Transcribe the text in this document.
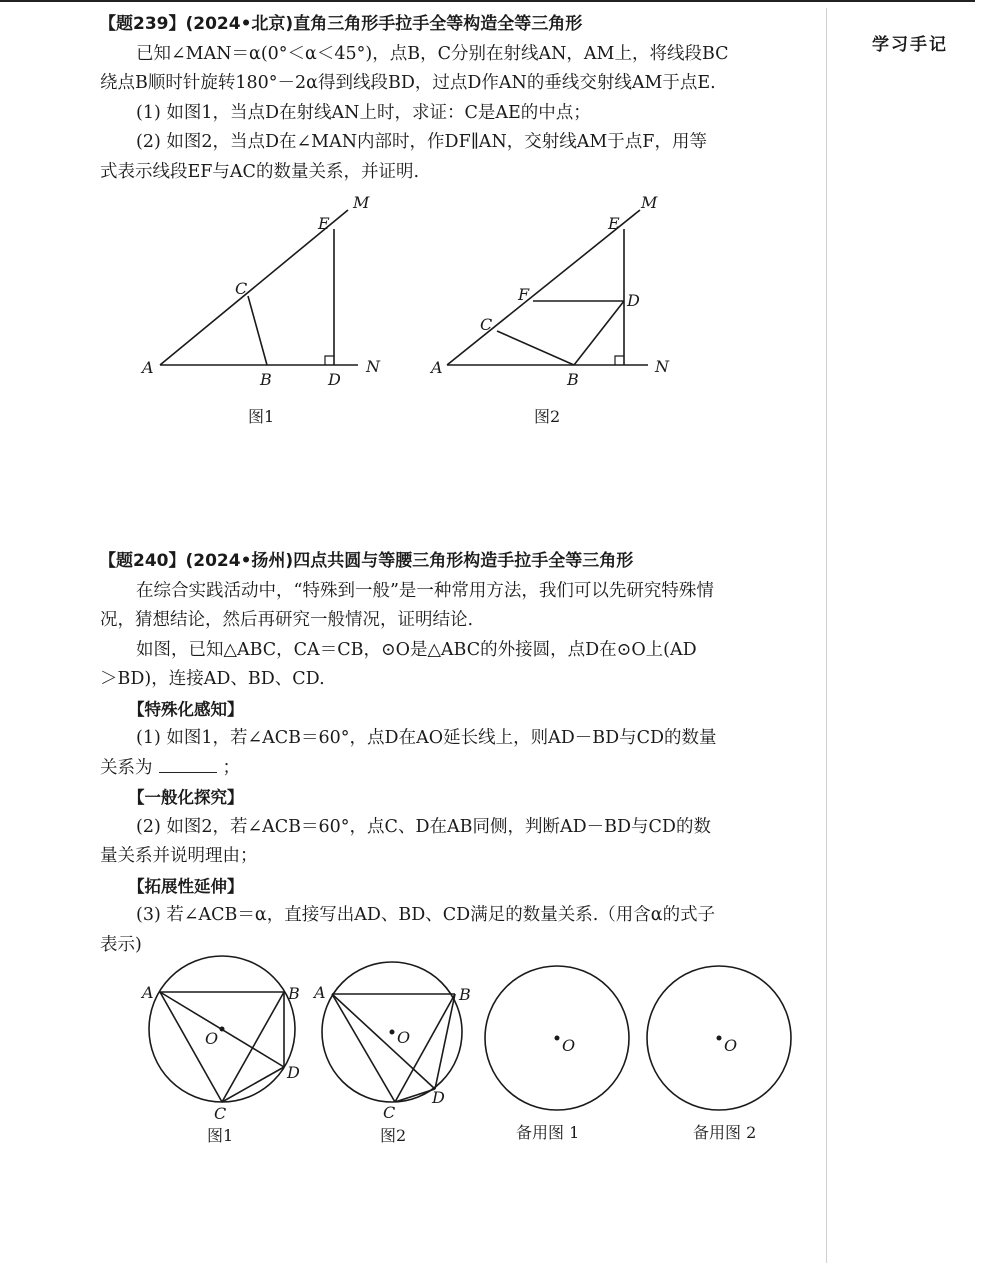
学习手记
【题239】(2024•北京)直角三角形手拉手全等构造全等三角形
已知∠MAN＝α(0°＜α＜45°)，点B，C分别在射线AN，AM上，将线段BC
绕点B顺时针旋转180°－2α得到线段BD，过点D作AN的垂线交射线AM于点E.
(1) 如图1，当点D在射线AN上时，求证：C是AE的中点；
(2) 如图2，当点D在∠MAN内部时，作DF∥AN，交射线AM于点F，用等
式表示线段EF与AC的数量关系，并证明.
A
B
C
D
E
M
N
图1
A
B
C
D
E
F
M
N
图2
【题240】(2024•扬州)四点共圆与等腰三角形构造手拉手全等三角形
在综合实践活动中，“特殊到一般”是一种常用方法，我们可以先研究特殊情
况，猜想结论，然后再研究一般情况，证明结论.
如图，已知△ABC，CA＝CB，⊙O是△ABC的外接圆，点D在⊙O上(AD
＞BD)，连接AD、BD、CD.
【特殊化感知】
(1) 如图1，若∠ACB＝60°，点D在AO延长线上，则AD－BD与CD的数量
关系为	；
【一般化探究】
(2) 如图2，若∠ACB＝60°，点C、D在AB同侧，判断AD－BD与CD的数
量关系并说明理由；
【拓展性延伸】
(3) 若∠ACB＝α，直接写出AD、BD、CD满足的数量关系.（用含α的式子
表示)
A	B
C
D
O
图1
A	B
C
D
O
图2
O
备用图 1
O
备用图 2
